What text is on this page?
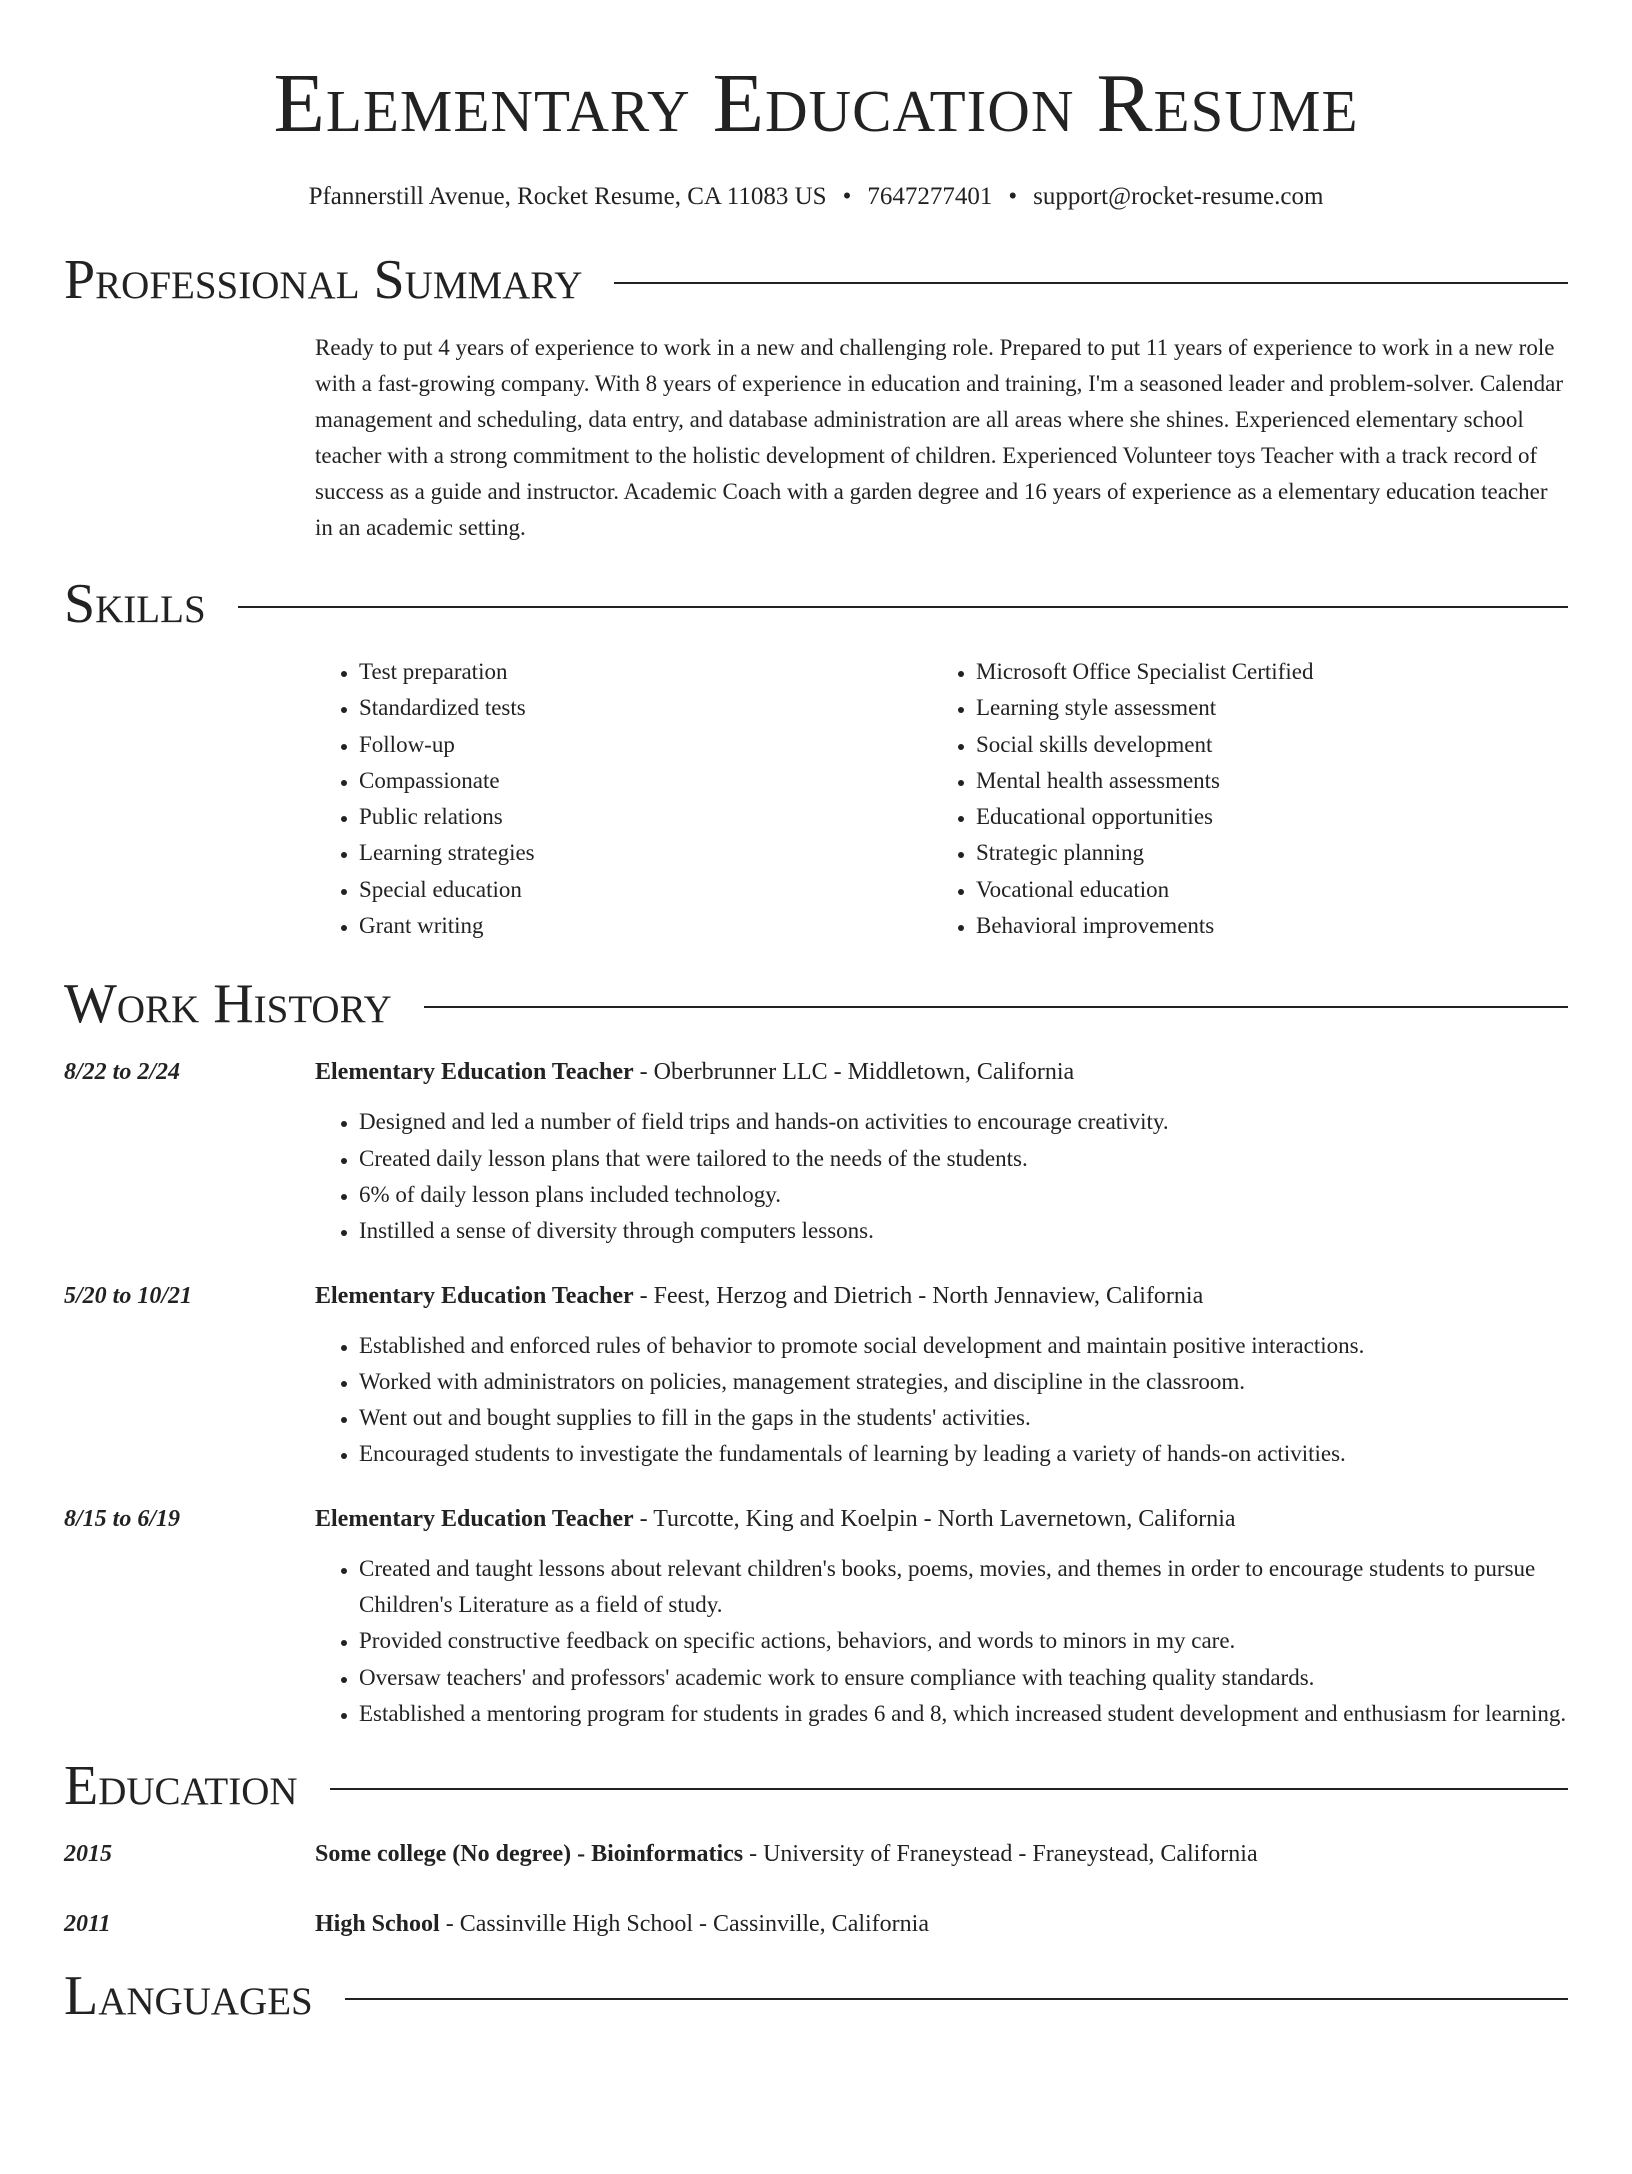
Elementary Education Resume
Pfannerstill Avenue, Rocket Resume, CA 11083 US • 7647277401 • support@rocket-resume.com
Professional Summary

Ready to put 4 years of experience to work in a new and challenging role. Prepared to put 11 years of experience to work in a new role with a fast-growing company. With 8 years of experience in education and training, I'm a seasoned leader and problem-solver. Calendar management and scheduling, data entry, and database administration are all areas where she shines. Experienced elementary school teacher with a strong commitment to the holistic development of children. Experienced Volunteer toys Teacher with a track record of success as a guide and instructor. Academic Coach with a garden degree and 16 years of experience as a elementary education teacher in an academic setting.

Skills
• Test preparation
• Standardized tests
• Follow-up
• Compassionate
• Public relations
• Learning strategies
• Special education
• Grant writing
• Microsoft Office Specialist Certified
• Learning style assessment
• Social skills development
• Mental health assessments
• Educational opportunities
• Strategic planning
• Vocational education
• Behavioral improvements
Work History
8/22 to 2/24	Elementary Education Teacher - Oberbrunner LLC - Middletown, California
• Designed and led a number of field trips and hands-on activities to encourage creativity.
• Created daily lesson plans that were tailored to the needs of the students.
• 6% of daily lesson plans included technology.
• Instilled a sense of diversity through computers lessons.
5/20 to 10/21	Elementary Education Teacher - Feest, Herzog and Dietrich - North Jennaview, California
• Established and enforced rules of behavior to promote social development and maintain positive interactions.
• Worked with administrators on policies, management strategies, and discipline in the classroom.
• Went out and bought supplies to fill in the gaps in the students' activities.
• Encouraged students to investigate the fundamentals of learning by leading a variety of hands-on activities.
8/15 to 6/19	Elementary Education Teacher - Turcotte, King and Koelpin - North Lavernetown, California
• Created and taught lessons about relevant children's books, poems, movies, and themes in order to encourage students to pursue Children's Literature as a field of study.
• Provided constructive feedback on specific actions, behaviors, and words to minors in my care.
• Oversaw teachers' and professors' academic work to ensure compliance with teaching quality standards.
• Established a mentoring program for students in grades 6 and 8, which increased student development and enthusiasm for learning.
Education
2015	Some college (No degree) - Bioinformatics - University of Franeystead - Franeystead, California
2011	High School - Cassinville High School - Cassinville, California
Languages
